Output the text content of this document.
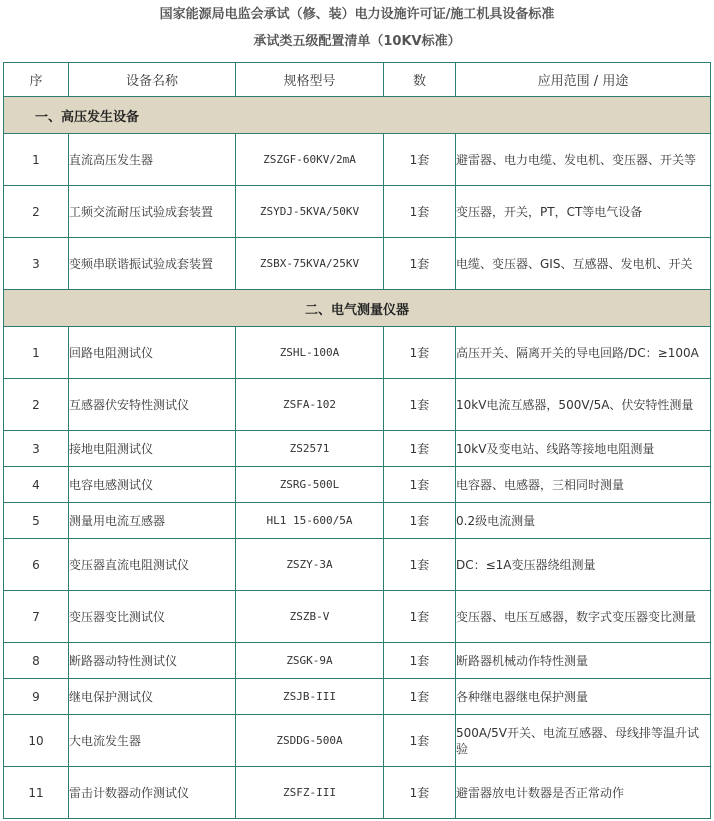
国家能源局电监会承试（修、装）电力设施许可证/施工机具设备标准
承试类五级配置清单（10KV标准）
序	设备名称	规格型号	数	应用范围 / 用途
一、高压发生设备				
1	直流高压发生器	ZSZGF-60KV/2mA	1套	避雷器、电力电缆、发电机、变压器、开关等
2	工频交流耐压试验成套装置	ZSYDJ-5KVA/50KV	1套	变压器，开关，PT，CT等电气设备
3	变频串联谐振试验成套装置	ZSBX-75KVA/25KV	1套	电缆、变压器、GIS、互感器、发电机、开关
二、电气测量仪器				
1	回路电阻测试仪	ZSHL-100A	1套	高压开关、隔离开关的导电回路/DC：≥100A
2	互感器伏安特性测试仪	ZSFA-102	1套	10kV电流互感器，500V/5A、伏安特性测量
3	接地电阻测试仪	ZS2571	1套	10kV及变电站、线路等接地电阻测量
4	电容电感测试仪	ZSRG-500L	1套	电容器、电感器，三相同时测量
5	测量用电流互感器	HL1 15-600/5A	1套	0.2级电流测量
6	变压器直流电阻测试仪	ZSZY-3A	1套	DC：≤1A变压器绕组测量
7	变压器变比测试仪	ZSZB-V	1套	变压器、电压互感器，数字式变压器变比测量
8	断路器动特性测试仪	ZSGK-9A	1套	断路器机械动作特性测量
9	继电保护测试仪	ZSJB-III	1套	各种继电器继电保护测量
10	大电流发生器	ZSDDG-500A	1套	500A/5V开关、电流互感器、母线排等温升试验
11	雷击计数器动作测试仪	ZSFZ-III	1套	避雷器放电计数器是否正常动作
